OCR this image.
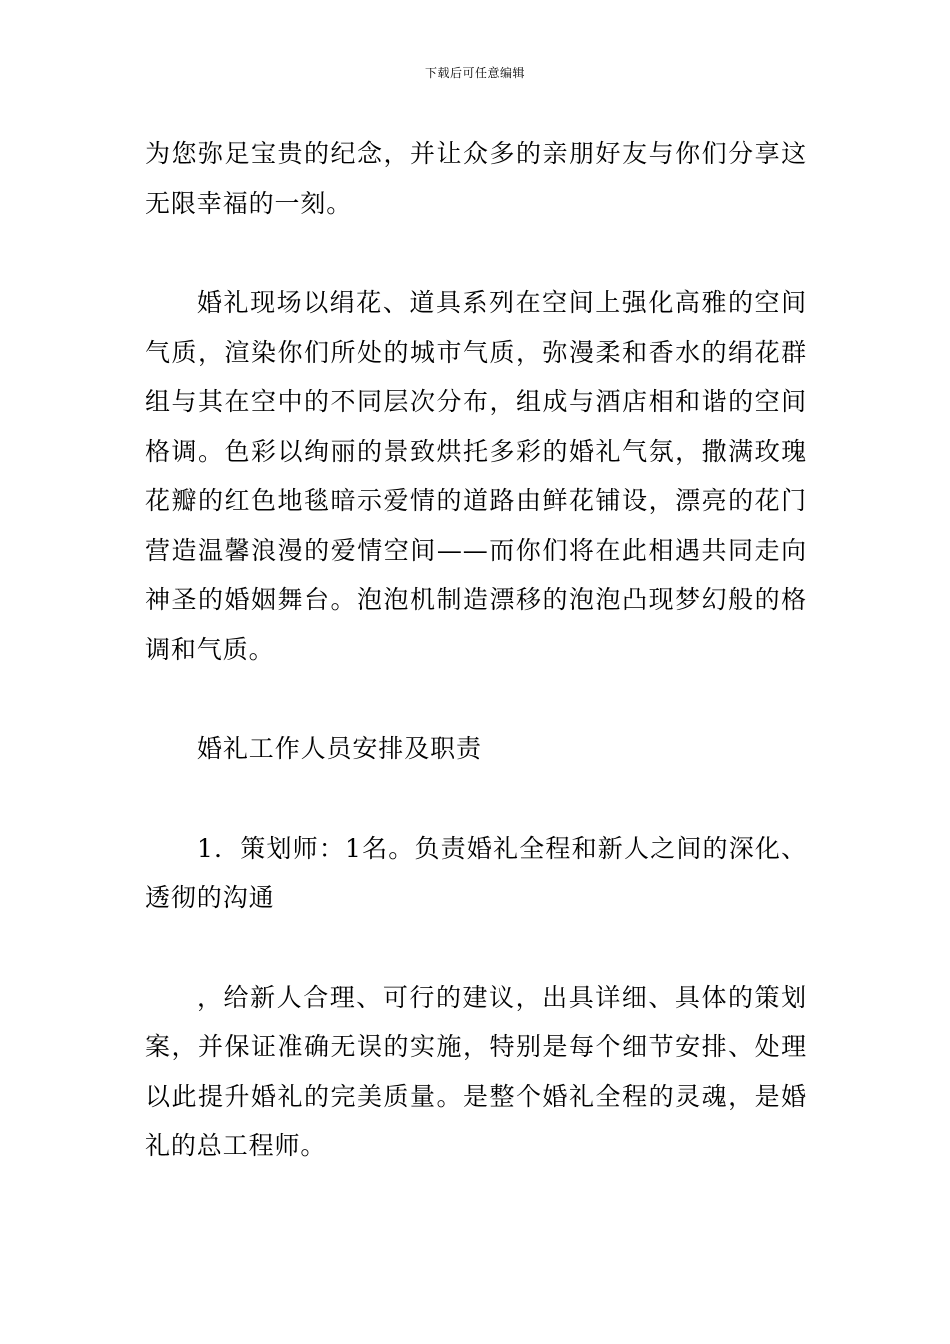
下载后可任意编辑

为您弥足宝贵的纪念，并让众多的亲朋好友与你们分享这无限幸福的一刻。

婚礼现场以绢花、道具系列在空间上强化高雅的空间气质，渲染你们所处的城市气质，弥漫柔和香水的绢花群组与其在空中的不同层次分布，组成与酒店相和谐的空间格调。色彩以绚丽的景致烘托多彩的婚礼气氛，撒满玫瑰花瓣的红色地毯暗示爱情的道路由鲜花铺设，漂亮的花门营造温馨浪漫的爱情空间——而你们将在此相遇共同走向神圣的婚姻舞台。泡泡机制造漂移的泡泡凸现梦幻般的格调和气质。

婚礼工作人员安排及职责

1．策划师：1名。负责婚礼全程和新人之间的深化、透彻的沟通

，给新人合理、可行的建议，出具详细、具体的策划案，并保证准确无误的实施，特别是每个细节安排、处理以此提升婚礼的完美质量。是整个婚礼全程的灵魂，是婚礼的总工程师。
